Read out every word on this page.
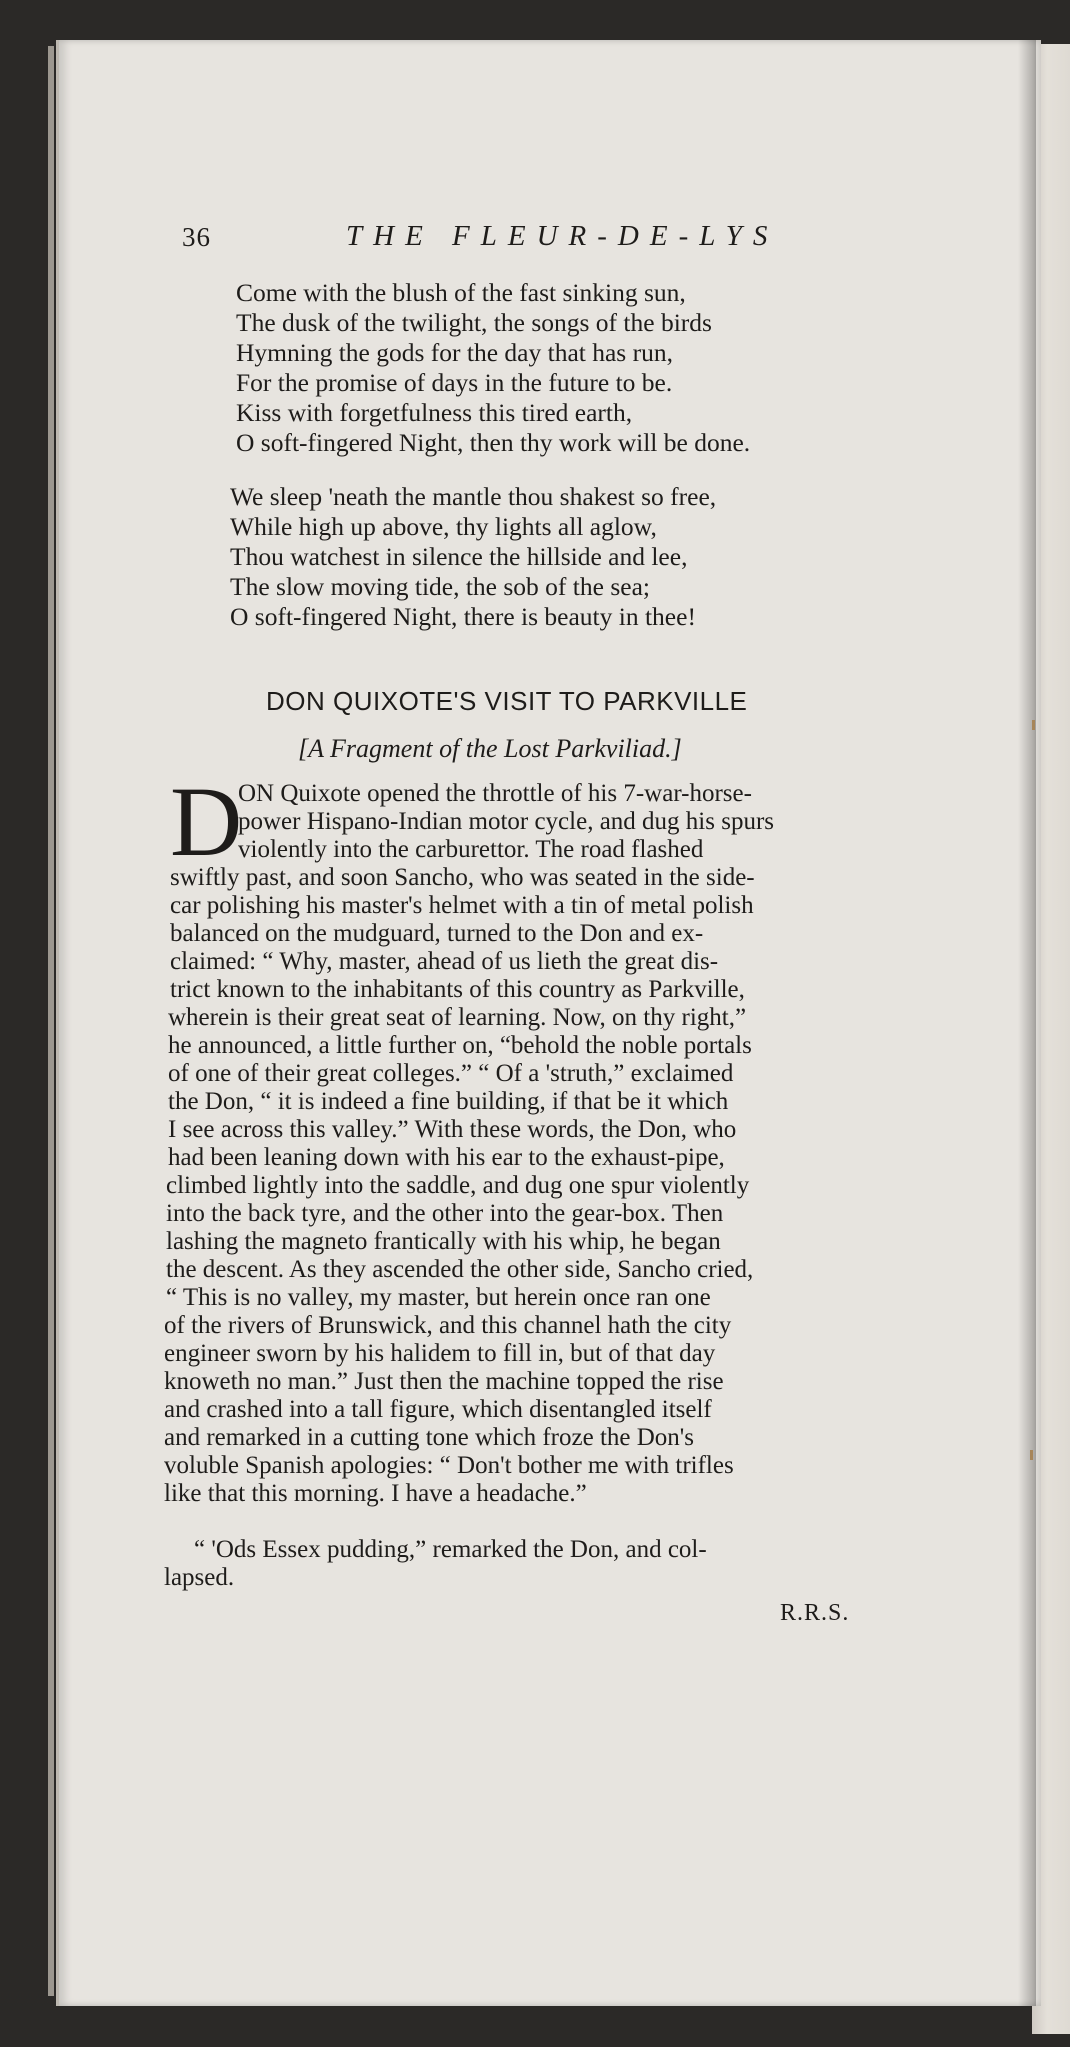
36	THE FLEUR-DE-LYS
Come with the blush of the fast sinking sun,
The dusk of the twilight, the songs of the birds
Hymning the gods for the day that has run,
For the promise of days in the future to be.
Kiss with forgetfulness this tired earth,
O soft-fingered Night, then thy work will be done.
We sleep 'neath the mantle thou shakest so free,
While high up above, thy lights all aglow,
Thou watchest in silence the hillside and lee,
The slow moving tide, the sob of the sea;
O soft-fingered Night, there is beauty in thee!
DON QUIXOTE'S VISIT TO PARKVILLE
[A Fragment of the Lost Parkviliad.]
D
ON Quixote opened the throttle of his 7-war-horse-
power Hispano-Indian motor cycle, and dug his spurs
violently into the carburettor. The road flashed
swiftly past, and soon Sancho, who was seated in the side-
car polishing his master's helmet with a tin of metal polish
balanced on the mudguard, turned to the Don and ex-
claimed: “ Why, master, ahead of us lieth the great dis-
trict known to the inhabitants of this country as Parkville,
wherein is their great seat of learning. Now, on thy right,”
he announced, a little further on, “behold the noble portals
of one of their great colleges.” “ Of a 'struth,” exclaimed
the Don, “ it is indeed a fine building, if that be it which
I see across this valley.” With these words, the Don, who
had been leaning down with his ear to the exhaust-pipe,
climbed lightly into the saddle, and dug one spur violently
into the back tyre, and the other into the gear-box. Then
lashing the magneto frantically with his whip, he began
the descent. As they ascended the other side, Sancho cried,
“ This is no valley, my master, but herein once ran one
of the rivers of Brunswick, and this channel hath the city
engineer sworn by his halidem to fill in, but of that day
knoweth no man.” Just then the machine topped the rise
and crashed into a tall figure, which disentangled itself
and remarked in a cutting tone which froze the Don's
voluble Spanish apologies: “ Don't bother me with trifles
like that this morning. I have a headache.”
“ 'Ods Essex pudding,” remarked the Don, and col-
lapsed.
R.R.S.
